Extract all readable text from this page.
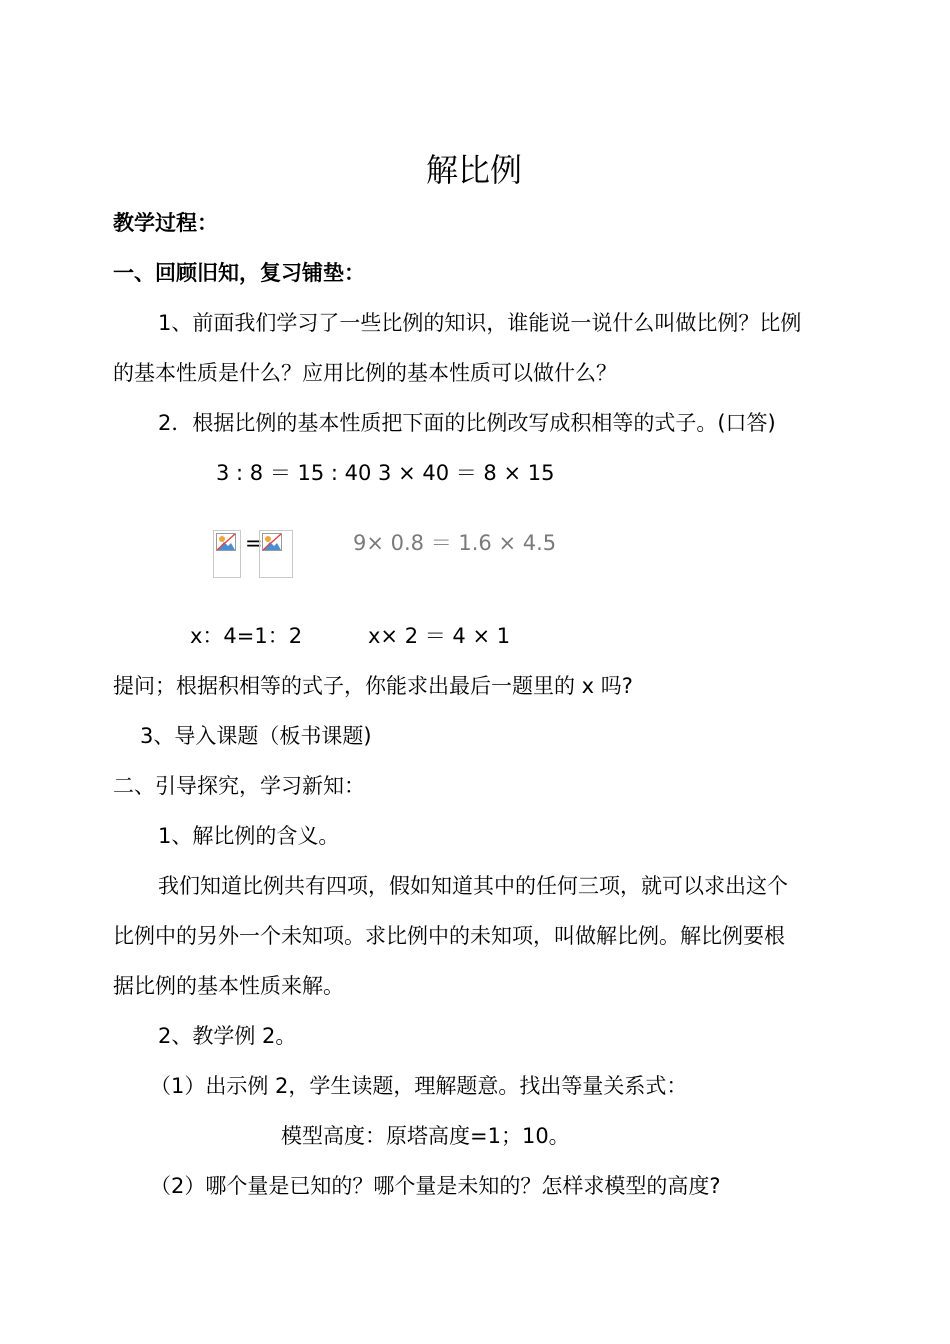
解比例
教学过程：
一、回顾旧知，复习铺垫：
1、前面我们学习了一些比例的知识，谁能说一说什么叫做比例？比例
的基本性质是什么？应用比例的基本性质可以做什么？
2．根据比例的基本性质把下面的比例改写成积相等的式子。(口答)
3 : 8 ＝ 15 : 40 3 × 40 ＝ 8 × 15
=	9× 0.8 ＝ 1.6 × 4.5
x：4=1：2	x× 2 ＝ 4 × 1
提问；根据积相等的式子，你能求出最后一题里的 x 吗?
3、导入课题（板书课题)
二、引导探究，学习新知：
1、解比例的含义。
我们知道比例共有四项，假如知道其中的任何三项，就可以求出这个
比例中的另外一个未知项。求比例中的未知项，叫做解比例。解比例要根
据比例的基本性质来解。
2、教学例 2。
（1）出示例 2，学生读题，理解题意。找出等量关系式：
模型高度：原塔高度=1；10。
（2）哪个量是已知的？哪个量是未知的？怎样求模型的高度?
